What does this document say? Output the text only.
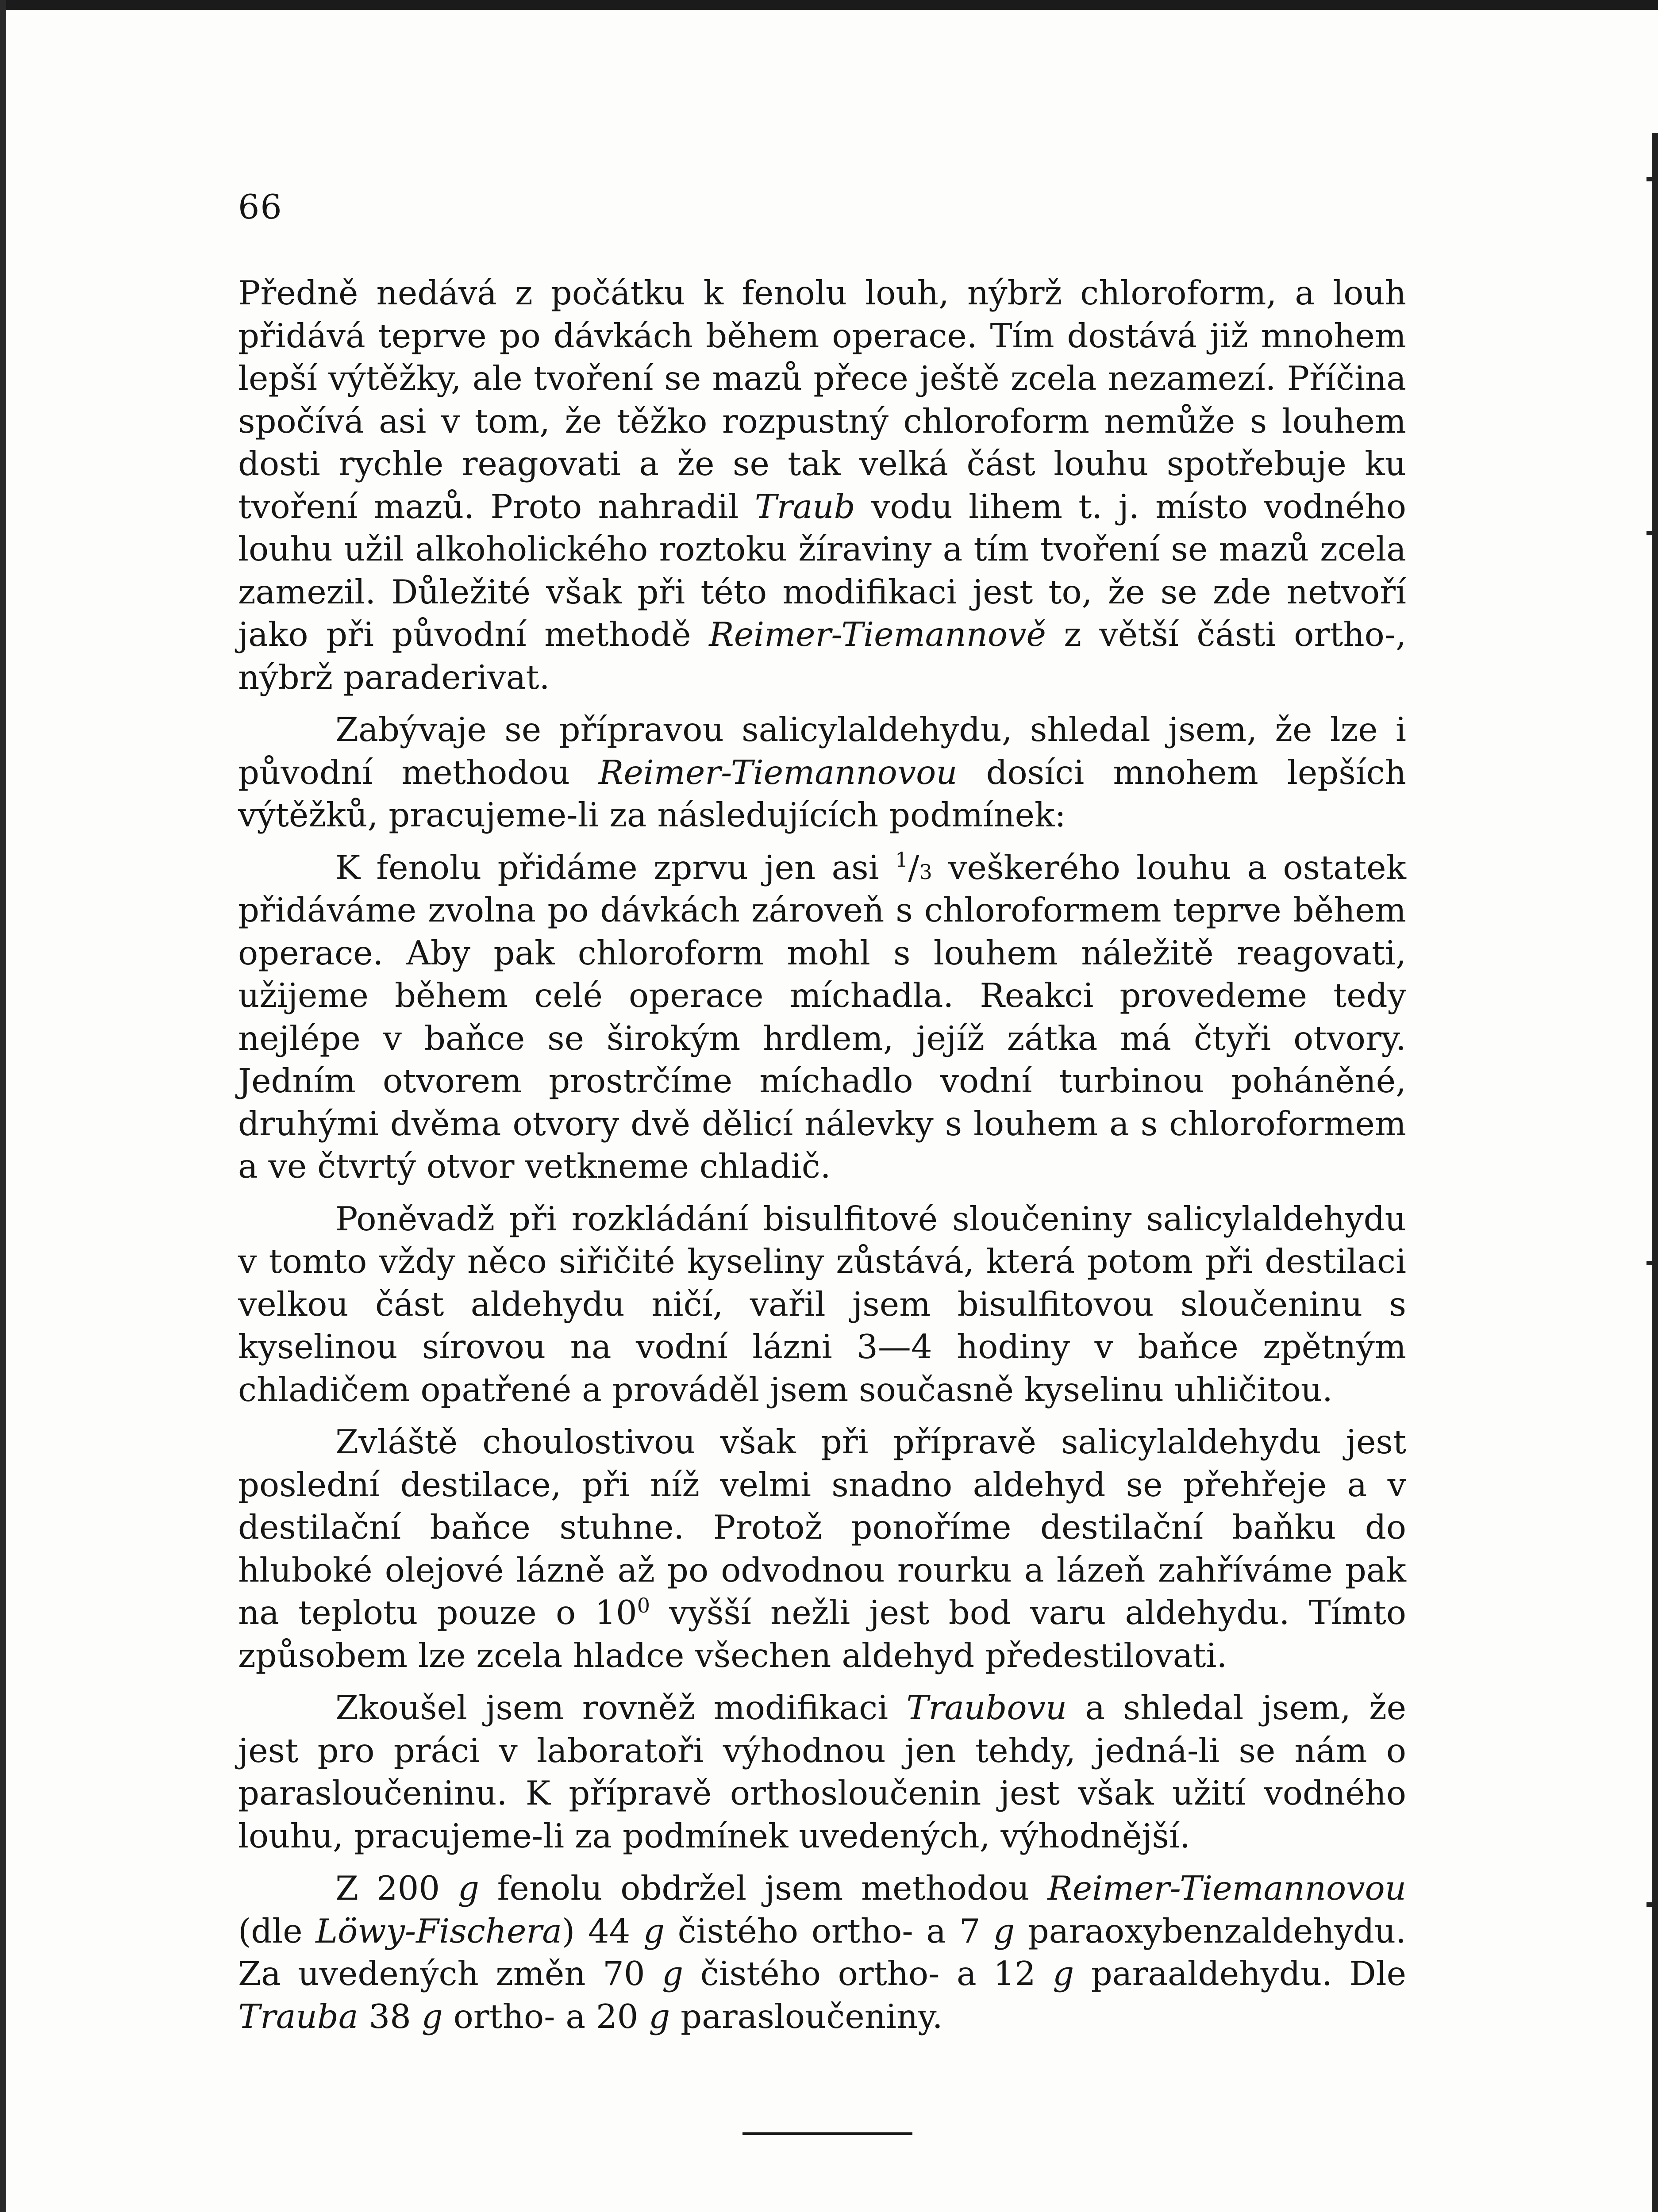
66

Předně nedává z počátku k fenolu louh, nýbrž chloroform, a louh přidává teprve po dávkách během operace. Tím dostává již mnohem lepší výtěžky, ale tvoření se mazů přece ještě zcela nezamezí. Příčina spočívá asi v tom, že těžko rozpustný chloroform nemůže s louhem dosti rychle reagovati a že se tak velká část louhu spotřebuje ku tvoření mazů. Proto nahradil Traub vodu lihem t. j. místo vodného louhu užil alkoholického roztoku žíraviny a tím tvoření se mazů zcela zamezil. Důležité však při této modifikaci jest to, že se zde netvoří jako při původní methodě Reimer-Tiemannově z větší části ortho-, nýbrž paraderivat.

Zabývaje se přípravou salicylaldehydu, shledal jsem, že lze i původní methodou Reimer-Tiemannovou dosíci mnohem lepších výtěžků, pracujeme-li za následujících podmínek:

K fenolu přidáme zprvu jen asi $^1$/3 veškerého louhu a ostatek přidáváme zvolna po dávkách zároveň s chloroformem teprve během operace. Aby pak chloroform mohl s louhem náležitě reagovati, užijeme během celé operace míchadla. Reakci provedeme tedy nejlépe v baňce se širokým hrdlem, jejíž zátka má čtyři otvory. Jedním otvorem prostrčíme míchadlo vodní turbinou poháněné, druhými dvěma otvory dvě dělicí nálevky s louhem a s chloroformem a ve čtvrtý otvor vetkneme chladič.

Poněvadž při rozkládání bisulfitové sloučeniny salicylaldehydu v tomto vždy něco siřičité kyseliny zůstává, která potom při destilaci velkou část aldehydu ničí, vařil jsem bisulfitovou sloučeninu s kyselinou sírovou na vodní lázni 3—4 hodiny v baňce zpětným chladičem opatřené a prováděl jsem současně kyselinu uhličitou.

Zvláště choulostivou však při přípravě salicylaldehydu jest poslední destilace, při níž velmi snadno aldehyd se přehřeje a v destilační baňce stuhne. Protož ponoříme destilační baňku do hluboké olejové lázně až po odvodnou rourku a lázeň zahříváme pak na teplotu pouze o $10^0$ vyšší nežli jest bod varu aldehydu. Tímto způsobem lze zcela hladce všechen aldehyd předestilovati.

Zkoušel jsem rovněž modifikaci Traubovu a shledal jsem, že jest pro práci v laboratoři výhodnou jen tehdy, jedná-li se nám o parasloučeninu. K přípravě orthosloučenin jest však užití vodného louhu, pracujeme-li za podmínek uvedených, výhodnější.

Z 200 g fenolu obdržel jsem methodou Reimer-Tiemannovou (dle Löwy-Fischera) 44 g čistého ortho- a 7 g paraoxybenzaldehydu. Za uvedených změn 70 g čistého ortho- a 12 g paraaldehydu. Dle Trauba 38 g ortho- a 20 g parasloučeniny.
